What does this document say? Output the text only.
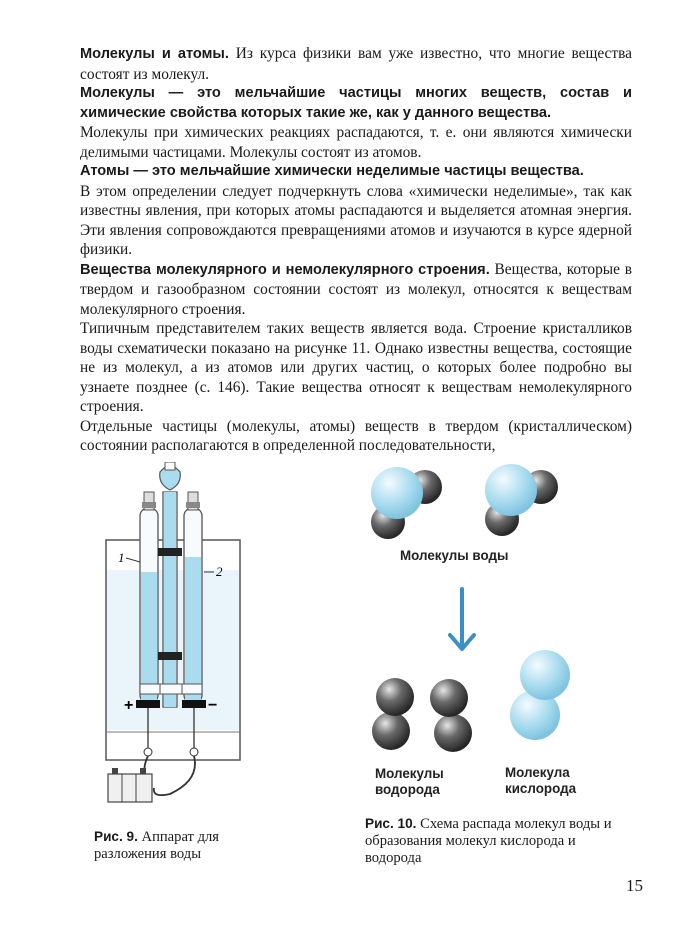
Молекулы и атомы. Из курса физики вам уже известно, что многие вещества состоят из молекул.

Молекулы — это мельчайшие частицы многих веществ, состав и химические свойства которых такие же, как у данного вещества.

Молекулы при химических реакциях распадаются, т. е. они являются химически делимыми частицами. Молекулы состоят из атомов.

Атомы — это мельчайшие химически неделимые частицы вещества.

В этом определении следует подчеркнуть слова «химически неделимые», так как известны явления, при которых атомы распадаются и выделяется атомная энергия. Эти явления сопровождаются превращениями атомов и изучаются в курсе ядерной физики.

Вещества молекулярного и немолекулярного строения. Вещества, которые в твердом и газообразном состоянии состоят из молекул, относятся к веществам молекулярного строения.

Типичным представителем таких веществ является вода. Строение кристалликов воды схематически показано на рисунке 11. Однако известны вещества, состоящие не из молекул, а из атомов или других частиц, о которых более подробно вы узнаете позднее (с. 146). Такие вещества относят к веществам немолекулярного строения.

Отдельные частицы (молекулы, атомы) веществ в твердом (кристаллическом) состоянии располагаются в определенной последовательности,

1
2
+	−
Рис. 9. Аппарат для разложения воды
Молекулы воды
Молекулы водорода
Молекула кислорода
Рис. 10. Схема распада молекул воды и образования молекул кислорода и водорода
15
